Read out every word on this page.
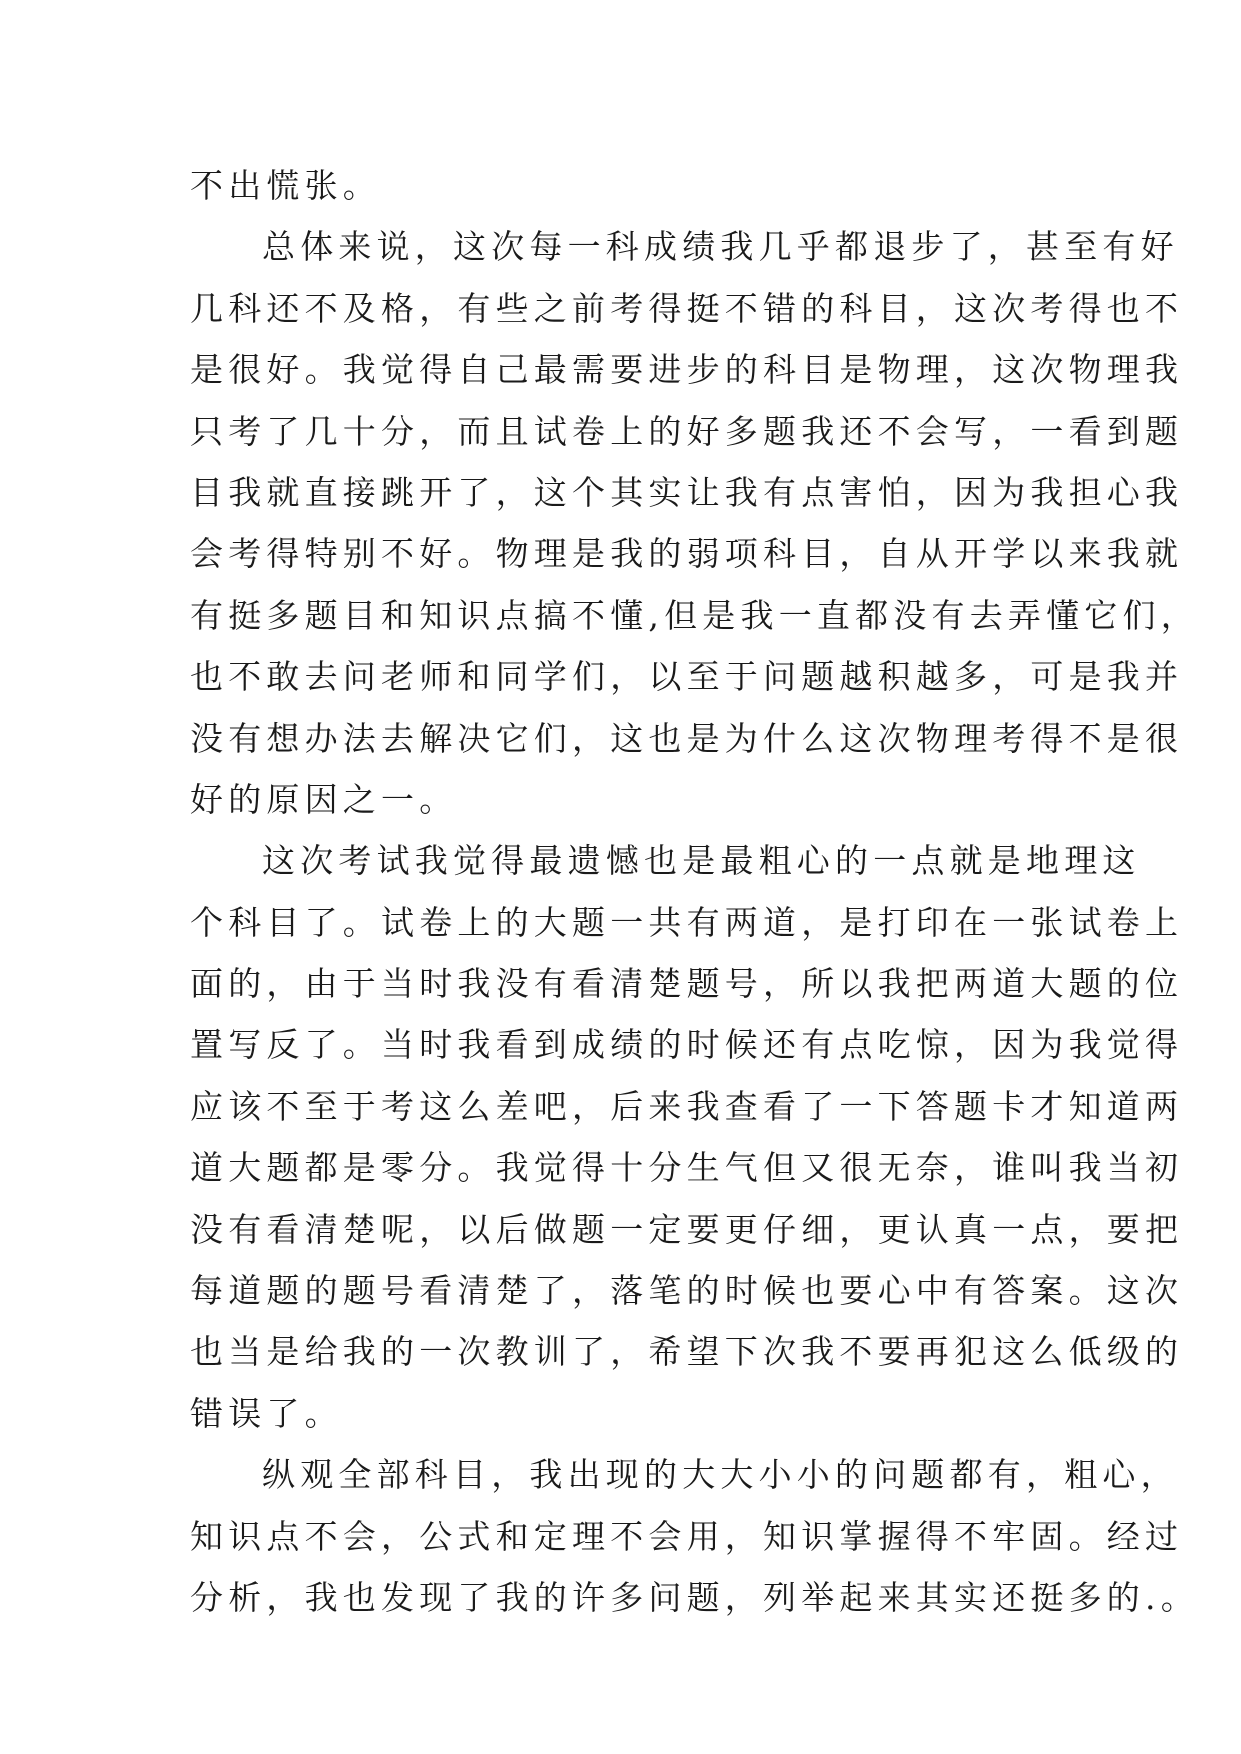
不出慌张。
总体来说，这次每一科成绩我几乎都退步了，甚至有好
几科还不及格，有些之前考得挺不错的科目，这次考得也不
是很好。我觉得自己最需要进步的科目是物理，这次物理我
只考了几十分，而且试卷上的好多题我还不会写，一看到题
目我就直接跳开了，这个其实让我有点害怕，因为我担心我
会考得特别不好。物理是我的弱项科目，自从开学以来我就
有挺多题目和知识点搞不懂,但是我一直都没有去弄懂它们，
也不敢去问老师和同学们，以至于问题越积越多，可是我并
没有想办法去解决它们，这也是为什么这次物理考得不是很
好的原因之一。
这次考试我觉得最遗憾也是最粗心的一点就是地理这
个科目了。试卷上的大题一共有两道，是打印在一张试卷上
面的，由于当时我没有看清楚题号，所以我把两道大题的位
置写反了。当时我看到成绩的时候还有点吃惊，因为我觉得
应该不至于考这么差吧，后来我查看了一下答题卡才知道两
道大题都是零分。我觉得十分生气但又很无奈，谁叫我当初
没有看清楚呢，以后做题一定要更仔细，更认真一点，要把
每道题的题号看清楚了，落笔的时候也要心中有答案。这次
也当是给我的一次教训了，希望下次我不要再犯这么低级的
错误了。
纵观全部科目，我出现的大大小小的问题都有，粗心，
知识点不会，公式和定理不会用，知识掌握得不牢固。经过
分析，我也发现了我的许多问题，列举起来其实还挺多的.。
